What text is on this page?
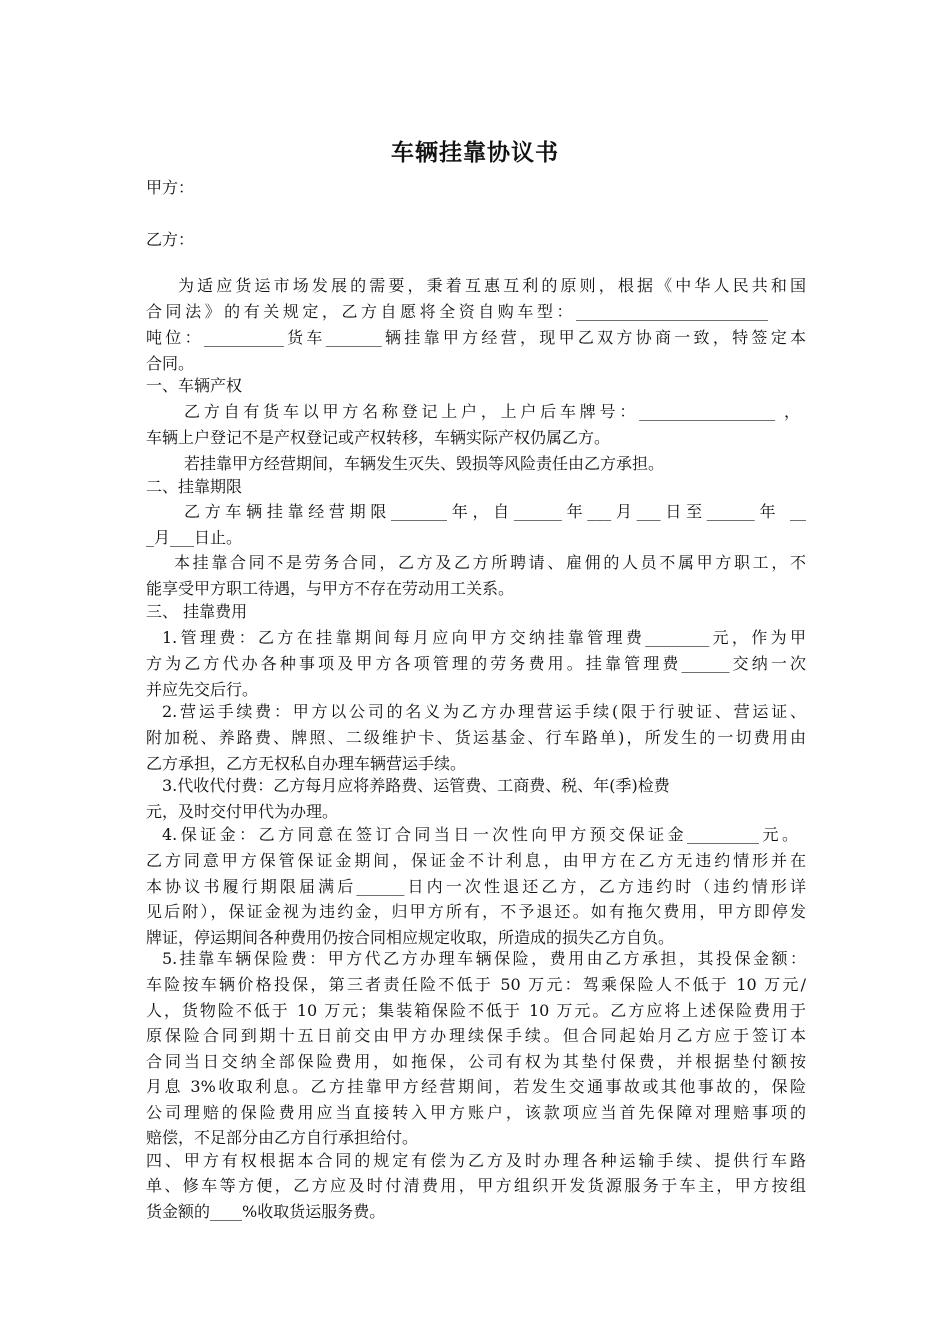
车辆挂靠协议书
甲方：
乙方：
为适应货运市场发展的需要，秉着互惠互利的原则，根据《中华人民共和国
合同法》的有关规定，乙方自愿将全资自购车型：________________________
吨位：__________货车_______辆挂靠甲方经营，现甲乙双方协商一致，特签定本
合同。
一、车辆产权
乙方自有货车以甲方名称登记上户，上户后车牌号：_________________ ，
车辆上户登记不是产权登记或产权转移，车辆实际产权仍属乙方。
若挂靠甲方经营期间，车辆发生灭失、毁损等风险责任由乙方承担。
二、挂靠期限
乙方车辆挂靠经营期限_______年，自______年___月___日至______年 __
_月___日止。
本挂靠合同不是劳务合同，乙方及乙方所聘请、雇佣的人员不属甲方职工，不
能享受甲方职工待遇，与甲方不存在劳动用工关系。
三、 挂靠费用
1.管理费：乙方在挂靠期间每月应向甲方交纳挂靠管理费________元，作为甲
方为乙方代办各种事项及甲方各项管理的劳务费用。挂靠管理费______交纳一次
并应先交后行。
2.营运手续费：甲方以公司的名义为乙方办理营运手续(限于行驶证、营运证、
附加税、养路费、牌照、二级维护卡、货运基金、行车路单)，所发生的一切费用由
乙方承担，乙方无权私自办理车辆营运手续。
3.代收代付费：乙方每月应将养路费、运管费、工商费、税、年(季)检费
元，及时交付甲代为办理。
4.保证金：乙方同意在签订合同当日一次性向甲方预交保证金_________元。
乙方同意甲方保管保证金期间，保证金不计利息，由甲方在乙方无违约情形并在
本协议书履行期限届满后______日内一次性退还乙方，乙方违约时（违约情形详
见后附），保证金视为违约金，归甲方所有，不予退还。如有拖欠费用，甲方即停发
牌证，停运期间各种费用仍按合同相应规定收取，所造成的损失乙方自负。
5.挂靠车辆保险费：甲方代乙方办理车辆保险，费用由乙方承担，其投保金额：
车险按车辆价格投保，第三者责任险不低于 50 万元：驾乘保险人不低于 10 万元/
人，货物险不低于 10 万元；集装箱保险不低于 10 万元。乙方应将上述保险费用于
原保险合同到期十五日前交由甲方办理续保手续。但合同起始月乙方应于签订本
合同当日交纳全部保险费用，如拖保，公司有权为其垫付保费，并根据垫付额按
月息 3%收取利息。乙方挂靠甲方经营期间，若发生交通事故或其他事故的，保险
公司理赔的保险费用应当直接转入甲方账户，该款项应当首先保障对理赔事项的
赔偿，不足部分由乙方自行承担给付。
四、甲方有权根据本合同的规定有偿为乙方及时办理各种运输手续、提供行车路
单、修车等方便，乙方应及时付清费用，甲方组织开发货源服务于车主，甲方按组
货金额的____%收取货运服务费。
